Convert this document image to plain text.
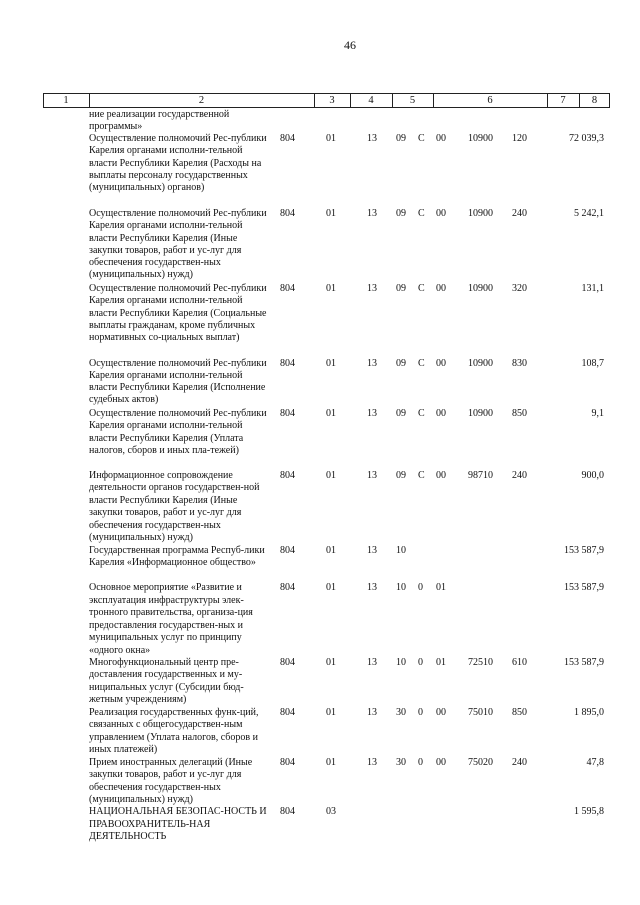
46
1	2	3	4	5	6	7	8
ние реализации государственной программы»
Осуществление полномочий Рес-публики Карелия органами исполни-тельной власти Республики Карелия (Расходы на выплаты персоналу государственных (муниципальных) органов)
804	01	13 09 С 00 10900 120	72 039,3
Осуществление полномочий Рес-публики Карелия органами исполни-тельной власти Республики Карелия (Иные закупки товаров, работ и ус-луг для обеспечения государствен-ных (муниципальных) нужд)
804	01	13 09 С 00 10900 240	5 242,1
Осуществление полномочий Рес-публики Карелия органами исполни-тельной власти Республики Карелия (Социальные выплаты гражданам, кроме публичных нормативных со-циальных выплат)
804	01	13 09 С 00 10900 320	131,1
Осуществление полномочий Рес-публики Карелия органами исполни-тельной власти Республики Карелия (Исполнение судебных актов)
804	01	13 09 С 00 10900 830	108,7
Осуществление полномочий Рес-публики Карелия органами исполни-тельной власти Республики Карелия (Уплата налогов, сборов и иных пла-тежей)
804	01	13 09 С 00 10900 850	9,1
Информационное сопровождение деятельности органов государствен-ной власти Республики Карелия (Иные закупки товаров, работ и ус-луг для обеспечения государствен-ных (муниципальных) нужд)
804	01	13 09 С 00 98710 240	900,0
Государственная программа Респуб-лики Карелия «Информационное общество»
804	01	13 10	153 587,9
Основное мероприятие «Развитие и эксплуатация инфраструктуры элек-тронного правительства, организа-ция предоставления государствен-ных и муниципальных услуг по принципу «одного окна»
804	01	13 10 0 01	153 587,9
Многофункциональный центр пре-доставления государственных и му-ниципальных услуг (Субсидии бюд-жетным учреждениям)
804	01	13 10 0 01 72510 610	153 587,9
Реализация государственных функ-ций, связанных с общегосударствен-ным управлением (Уплата налогов, сборов и иных платежей)
804	01	13 30 0 00 75010 850	1 895,0
Прием иностранных делегаций (Иные закупки товаров, работ и ус-луг для обеспечения государствен-ных (муниципальных) нужд)
804	01	13 30 0 00 75020 240	47,8
НАЦИОНАЛЬНАЯ БЕЗОПАС-НОСТЬ И ПРАВООХРАНИТЕЛЬ-НАЯ ДЕЯТЕЛЬНОСТЬ
804	03	1 595,8
